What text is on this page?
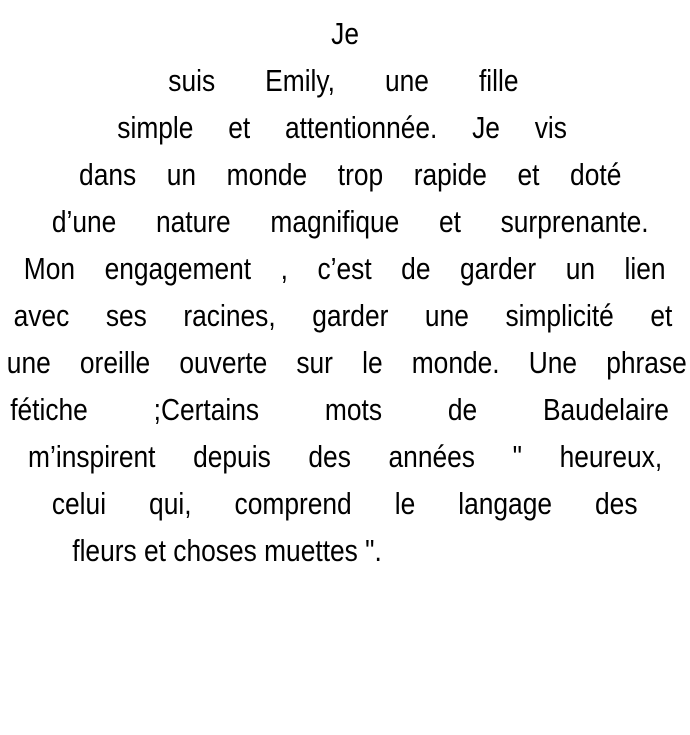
Je
suis Emily, une fille
simple et attentionnée. Je vis
dans un monde trop rapide et doté
d’une nature magnifique et surprenante.
Mon engagement , c’est de garder un lien
avec ses racines, garder une simplicité et
une oreille ouverte sur le monde. Une phrase
fétiche ;Certains mots de Baudelaire
m’inspirent depuis des années " heureux,
celui qui, comprend le langage des
fleurs et choses muettes ".
